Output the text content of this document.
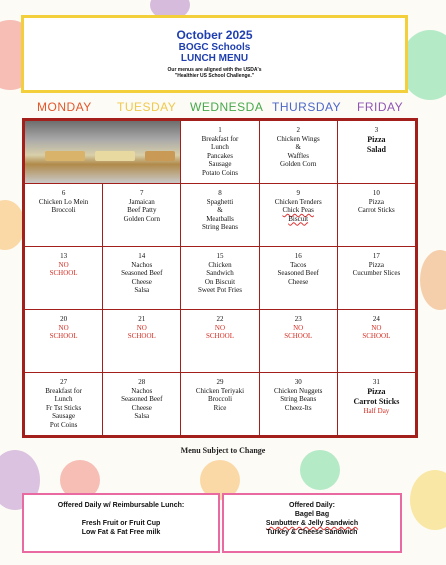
October 2025
BOGC Schools
LUNCH MENU
Our menus are aligned with the USDA's
"Healthier US School Challenge."
MONDAY TUESDAY WEDNESDA THURSDAY FRIDAY
1
Breakfast for
Lunch
Pancakes
Sausage
Potato Coins
2
Chicken Wings
&
Waffles
Golden Corn
3
Pizza
Salad
6
Chicken Lo Mein
Broccoli
7
Jamaican
Beef Patty
Golden Corn
8
Spaghetti
&
Meatballs
String Beans
9
Chicken Tenders
Chick Peas
Biscuit
10
Pizza
Carrot Sticks
13
NO
SCHOOL
14
Nachos
Seasoned Beef
Cheese
Salsa
15
Chicken
Sandwich
On Biscuit
Sweet Pot Fries
16
Tacos
Seasoned Beef
Cheese
17
Pizza
Cucumber Slices
20
NO
SCHOOL
21
NO
SCHOOL
22
NO
SCHOOL
23
NO
SCHOOL
24
NO
SCHOOL
27
Breakfast for
Lunch
Fr Tst Sticks
Sausage
Pot Coins
28
Nachos
Seasoned Beef
Cheese
Salsa
29
Chicken Teriyaki
Broccoli
Rice
30
Chicken Nuggets
String Beans
Cheez-Its
31
Pizza
Carrot Sticks
Half Day
Menu Subject to Change
Offered Daily w/ Reimbursable Lunch:
Fresh Fruit or Fruit Cup
Low Fat & Fat Free milk
Offered Daily:
Bagel Bag
Sunbutter & Jelly Sandwich
Turkey & Cheese Sandwich
